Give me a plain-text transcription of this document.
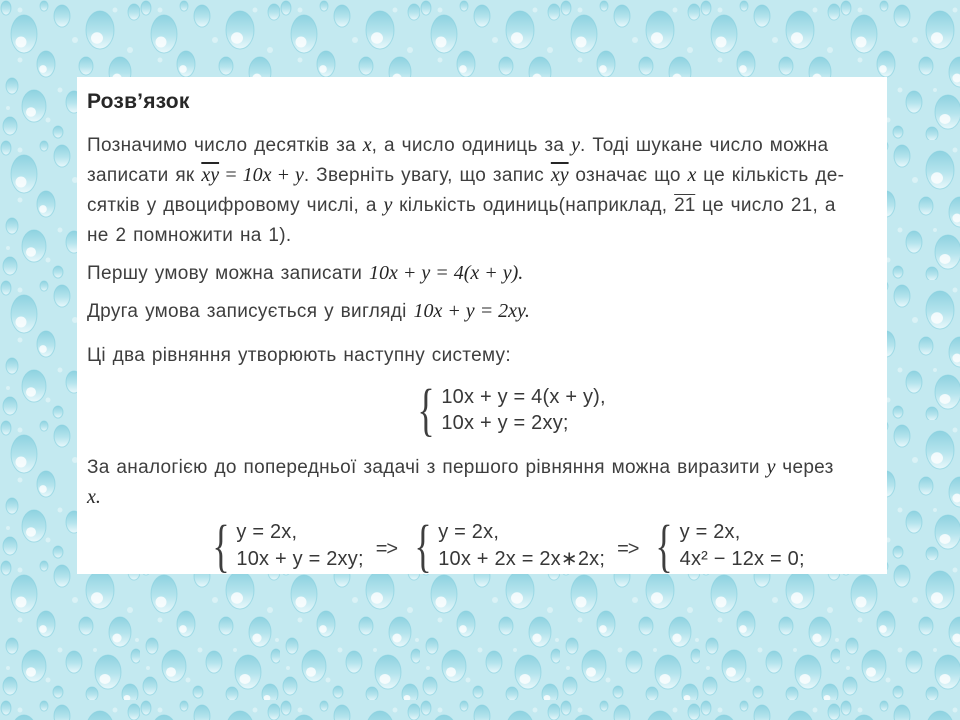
Розв’язок

Позначимо число десятків за x, а число одиниць за y. Тоді шукане число можна
записати як $\overline{xy} = 10x + y$. Зверніть увагу, що запис $\overline{xy}$ означає що x це кількість де-
сятків у двоцифровому числі, а y кількість одиниць(наприклад, 21 це число 21, а
не 2 помножити на 1).

Першу умову можна записати 10x + y = 4(x + y).

Друга умова записується у вигляді 10x + y = 2xy.

Ці два рівняння утворюють наступну систему:

{ 10x + y = 4(x + y),
10x + y = 2xy;

За аналогією до попередньої задачі з першого рівняння можна виразити y через
x.

{ y = 2x,
10x + y = 2xy; => { y = 2x,
10x + 2x = 2x∗2x; => { y = 2x,
4x² − 12x = 0;
